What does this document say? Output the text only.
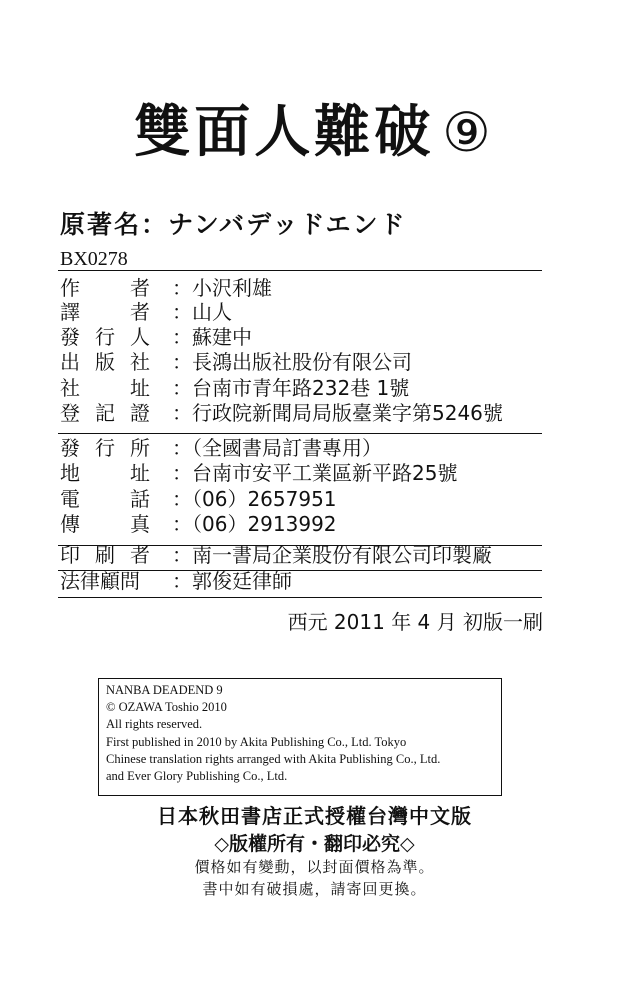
雙面人難破 ⑨
原著名：ナンバデッドエンド
BX0278
作	者 ：小沢利雄
譯	者 ：山人
發 行 人 ：蘇建中
出 版 社 ：長鴻出版社股份有限公司
社	址 ：台南市青年路232巷 1號
登 記 證 ：行政院新聞局局版臺業字第5246號
發 行 所 ：（全國書局訂書專用）
地	址 ：台南市安平工業區新平路25號
電	話 ：（06）2657951
傳	真 ：（06）2913992
印 刷 者 ：南一書局企業股份有限公司印製廠
法律顧問 ：郭俊廷律師
西元 2011 年 4 月 初版一刷
NANBA DEADEND 9
© OZAWA Toshio 2010
All rights reserved.
First published in 2010 by Akita Publishing Co., Ltd. Tokyo
Chinese translation rights arranged with Akita Publishing Co., Ltd.
and Ever Glory Publishing Co., Ltd.
日本秋田書店正式授權台灣中文版
◇版權所有・翻印必究◇
價格如有變動，以封面價格為準。
書中如有破損處，請寄回更換。
